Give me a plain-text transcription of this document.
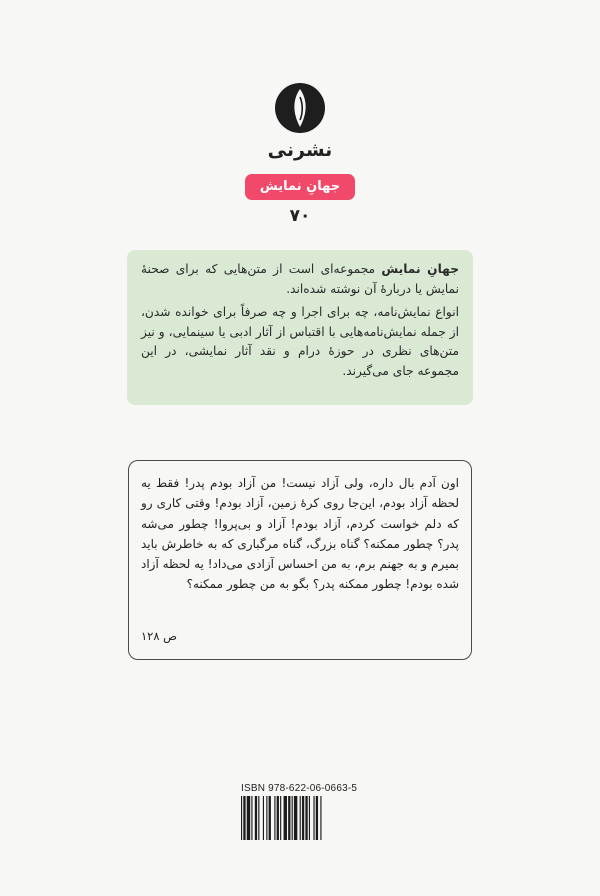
نشرنی
جهانِ نمایش
۷۰

جهانِ نمایش مجموعه‌ای است از متن‌هایی که برای صحنهٔ نمایش یا دربارهٔ آن نوشته شده‌اند.

انواع نمایش‌نامه، چه برای اجرا و چه صرفاً برای خوانده شدن، از جمله نمایش‌نامه‌هایی با اقتباس از آثار ادبی یا سینمایی، و نیز متن‌های نظری در حوزهٔ درام و نقد آثار نمایشی، در این مجموعه جای می‌گیرند.

اون آدم بال داره، ولی آزاد نیست! من آزاد بودم پدر! فقط یه لحظه آزاد بودم، این‌جا روی کرهٔ زمین، آزاد بودم! وقتی کاری رو که دلم خواست کردم، آزاد بودم! آزاد و بی‌پروا! چطور می‌شه پدر؟ چطور ممکنه؟ گناه بزرگ، گناه مرگباری که به خاطرش باید بمیرم و به جهنم برم، به من احساس آزادی می‌داد! یه لحظه آزاد شده بودم! چطور ممکنه پدر؟ بگو به من چطور ممکنه؟

ص ۱۲۸
ISBN 978-622-06-0663-5
